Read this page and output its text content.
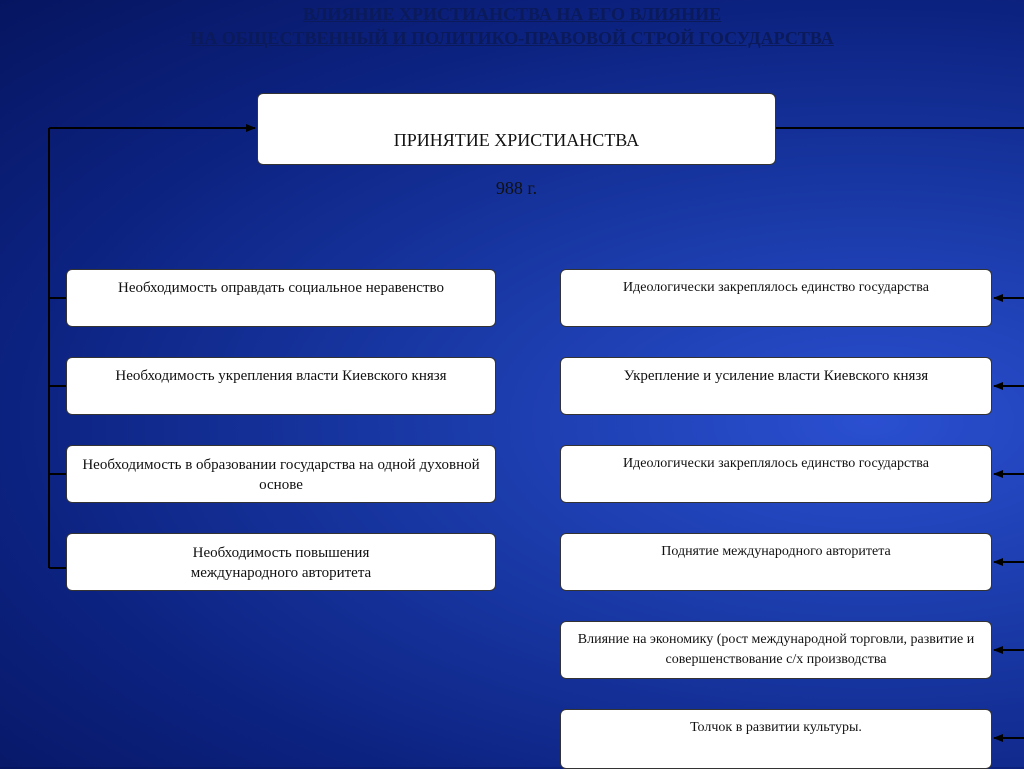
ВЛИЯНИЕ ХРИСТИАНСТВА НА ЕГО ВЛИЯНИЕ
НА ОБЩЕСТВЕННЫЙ И ПОЛИТИКО-ПРАВОВОЙ СТРОЙ ГОСУДАРСТВА

ПРИНЯТИЕ ХРИСТИАНСТВА

988 г.

Необходимость оправдать социальное неравенство
Необходимость укрепления власти Киевского князя
Необходимость в образовании государства на одной духовной основе
Необходимость повышения международного авторитета
Идеологически закреплялось единство государства
Укрепление и усиление власти Киевского князя
Идеологически закреплялось единство государства
Поднятие международного авторитета
Влияние на экономику (рост международной торговли, развитие и совершенствование с/х производства
Толчок в развитии культуры.
